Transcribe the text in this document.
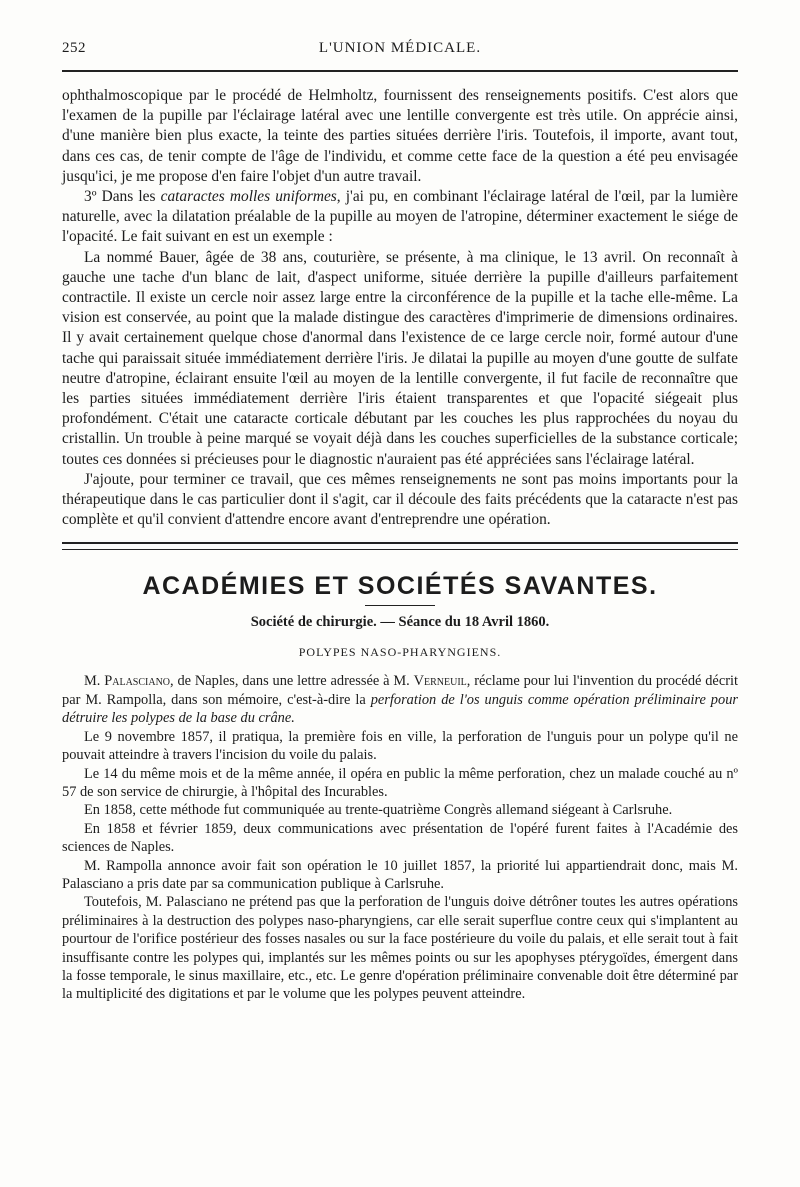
252	L'UNION MÉDICALE.

ophthalmoscopique par le procédé de Helmholtz, fournissent des renseignements positifs. C'est alors que l'examen de la pupille par l'éclairage latéral avec une lentille convergente est très utile. On apprécie ainsi, d'une manière bien plus exacte, la teinte des parties situées derrière l'iris. Toutefois, il importe, avant tout, dans ces cas, de tenir compte de l'âge de l'individu, et comme cette face de la question a été peu envisagée jusqu'ici, je me propose d'en faire l'objet d'un autre travail.

3º Dans les cataractes molles uniformes, j'ai pu, en combinant l'éclairage latéral de l'œil, par la lumière naturelle, avec la dilatation préalable de la pupille au moyen de l'atropine, déterminer exactement le siége de l'opacité. Le fait suivant en est un exemple :

La nommé Bauer, âgée de 38 ans, couturière, se présente, à ma clinique, le 13 avril. On reconnaît à gauche une tache d'un blanc de lait, d'aspect uniforme, située derrière la pupille d'ailleurs parfaitement contractile. Il existe un cercle noir assez large entre la circonférence de la pupille et la tache elle-même. La vision est conservée, au point que la malade distingue des caractères d'imprimerie de dimensions ordinaires. Il y avait certainement quelque chose d'anormal dans l'existence de ce large cercle noir, formé autour d'une tache qui paraissait située immédiatement derrière l'iris. Je dilatai la pupille au moyen d'une goutte de sulfate neutre d'atropine, éclairant ensuite l'œil au moyen de la lentille convergente, il fut facile de reconnaître que les parties situées immédiatement derrière l'iris étaient transparentes et que l'opacité siégeait plus profondément. C'était une cataracte corticale débutant par les couches les plus rapprochées du noyau du cristallin. Un trouble à peine marqué se voyait déjà dans les couches superficielles de la substance corticale; toutes ces données si précieuses pour le diagnostic n'auraient pas été appréciées sans l'éclairage latéral.

J'ajoute, pour terminer ce travail, que ces mêmes renseignements ne sont pas moins importants pour la thérapeutique dans le cas particulier dont il s'agit, car il découle des faits précédents que la cataracte n'est pas complète et qu'il convient d'attendre encore avant d'entreprendre une opération.

ACADÉMIES ET SOCIÉTÉS SAVANTES.
Société de chirurgie. — Séance du 18 Avril 1860.
POLYPES NASO-PHARYNGIENS.

M. Palasciano, de Naples, dans une lettre adressée à M. Verneuil, réclame pour lui l'invention du procédé décrit par M. Rampolla, dans son mémoire, c'est-à-dire la perforation de l'os unguis comme opération préliminaire pour détruire les polypes de la base du crâne.

Le 9 novembre 1857, il pratiqua, la première fois en ville, la perforation de l'unguis pour un polype qu'il ne pouvait atteindre à travers l'incision du voile du palais.

Le 14 du même mois et de la même année, il opéra en public la même perforation, chez un malade couché au nº 57 de son service de chirurgie, à l'hôpital des Incurables.

En 1858, cette méthode fut communiquée au trente-quatrième Congrès allemand siégeant à Carlsruhe.

En 1858 et février 1859, deux communications avec présentation de l'opéré furent faites à l'Académie des sciences de Naples.

M. Rampolla annonce avoir fait son opération le 10 juillet 1857, la priorité lui appartiendrait donc, mais M. Palasciano a pris date par sa communication publique à Carlsruhe.

Toutefois, M. Palasciano ne prétend pas que la perforation de l'unguis doive détrôner toutes les autres opérations préliminaires à la destruction des polypes naso-pharyngiens, car elle serait superflue contre ceux qui s'implantent au pourtour de l'orifice postérieur des fosses nasales ou sur la face postérieure du voile du palais, et elle serait tout à fait insuffisante contre les polypes qui, implantés sur les mêmes points ou sur les apophyses ptérygoïdes, émergent dans la fosse temporale, le sinus maxillaire, etc., etc. Le genre d'opération préliminaire convenable doit être déterminé par la multiplicité des digitations et par le volume que les polypes peuvent atteindre.
